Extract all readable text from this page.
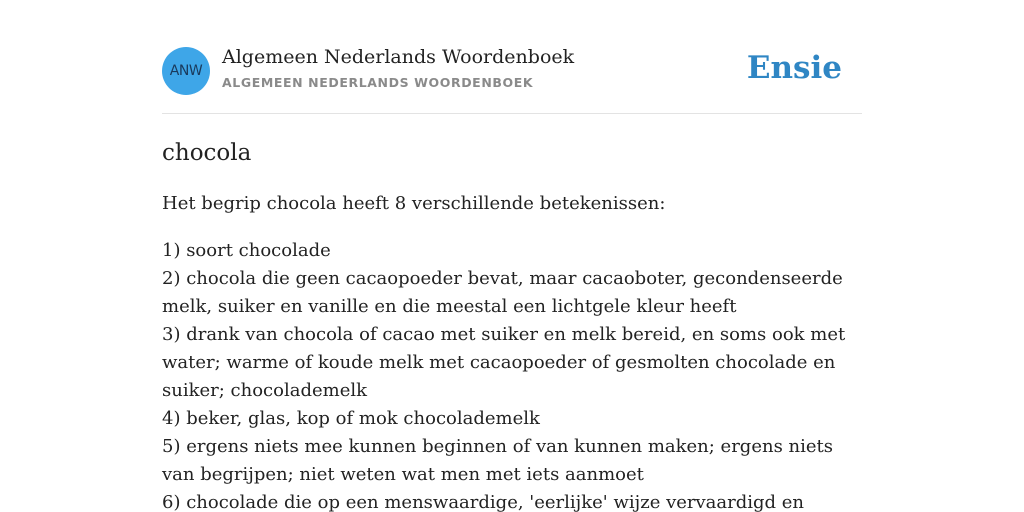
ANW
Algemeen Nederlands Woordenboek
ALGEMEEN NEDERLANDS WOORDENBOEK	Ensie
chocola

Het begrip chocola heeft 8 verschillende betekenissen:

1) soort chocolade
2) chocola die geen cacaopoeder bevat, maar cacaoboter, gecondenseerde melk, suiker en vanille en die meestal een lichtgele kleur heeft
3) drank van chocola of cacao met suiker en melk bereid, en soms ook met water; warme of koude melk met cacaopoeder of gesmolten chocolade en suiker; chocolademelk
4) beker, glas, kop of mok chocolademelk
5) ergens niets mee kunnen beginnen of van kunnen maken; ergens niets van begrijpen; niet weten wat men met iets aanmoet
6) chocolade die op een menswaardige, 'eerlijke' wijze vervaardigd en
